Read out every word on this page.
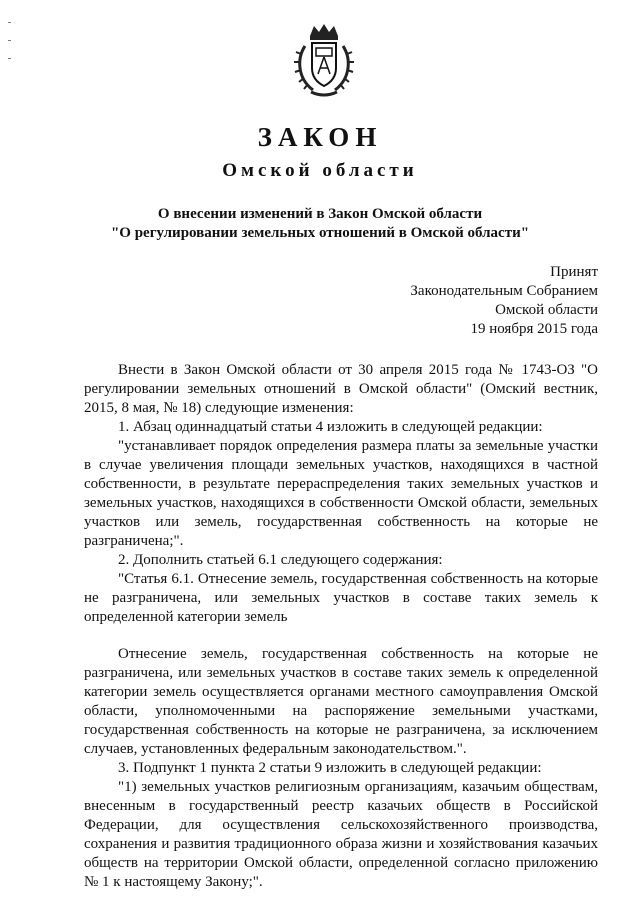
ЗАКОН
Омской области
О внесении изменений в Закон Омской области
"О регулировании земельных отношений в Омской области"
Принят
Законодательным Собранием
Омской области
19 ноября 2015 года

Внести в Закон Омской области от 30 апреля 2015 года № 1743-ОЗ "О регулировании земельных отношений в Омской области" (Омский вестник, 2015, 8 мая, № 18) следующие изменения:

1. Абзац одиннадцатый статьи 4 изложить в следующей редакции:

"устанавливает порядок определения размера платы за земельные участки в случае увеличения площади земельных участков, находящихся в частной собственности, в результате перераспределения таких земельных участков и земельных участков, находящихся в собственности Омской области, земельных участков или земель, государственная собственность на которые не разграничена;".

2. Дополнить статьей 6.1 следующего содержания:

"Статья 6.1. Отнесение земель, государственная собственность на которые не разграничена, или земельных участков в составе таких земель к определенной категории земель

Отнесение земель, государственная собственность на которые не разграничена, или земельных участков в составе таких земель к определенной категории земель осуществляется органами местного самоуправления Омской области, уполномоченными на распоряжение земельными участками, государственная собственность на которые не разграничена, за исключением случаев, установленных федеральным законодательством.".

3. Подпункт 1 пункта 2 статьи 9 изложить в следующей редакции:

"1) земельных участков религиозным организациям, казачьим обществам, внесенным в государственный реестр казачьих обществ в Российской Федерации, для осуществления сельскохозяйственного производства, сохранения и развития традиционного образа жизни и хозяйствования казачьих обществ на территории Омской области, определенной согласно приложению № 1 к настоящему Закону;".
